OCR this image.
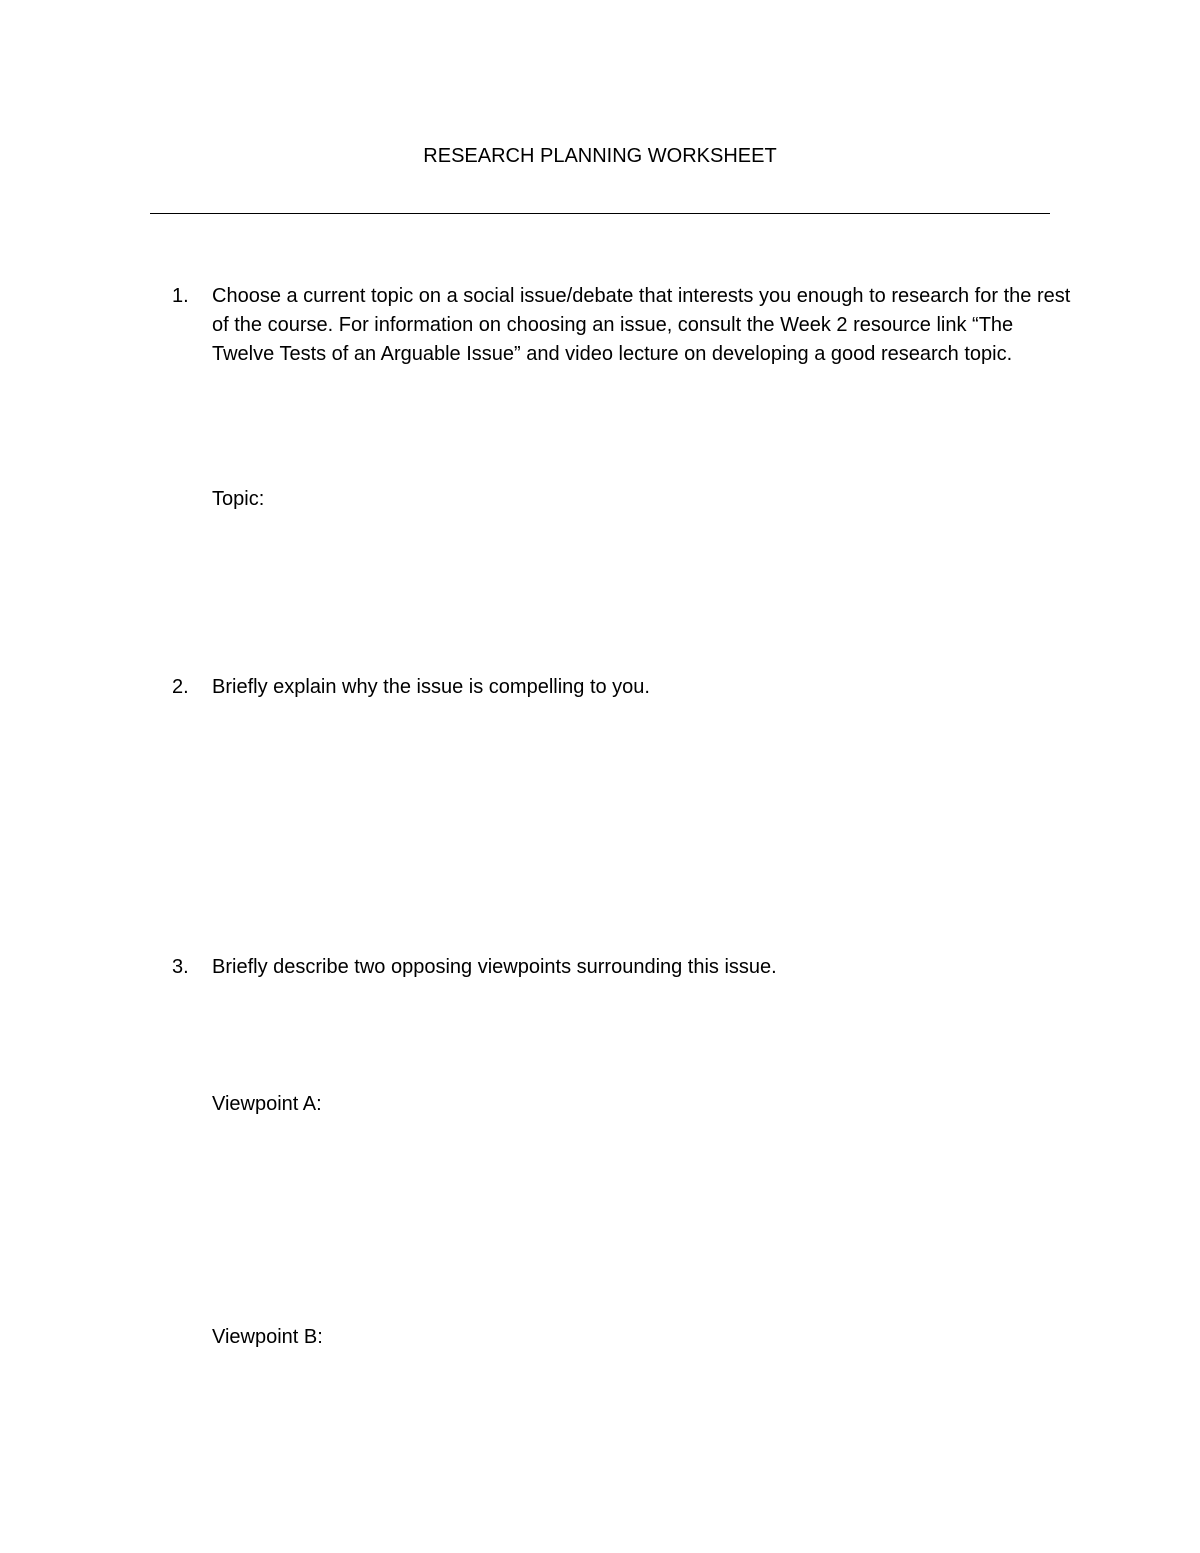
RESEARCH PLANNING WORKSHEET
1. Choose a current topic on a social issue/debate that interests you enough to research for the rest of the course. For information on choosing an issue, consult the Week 2 resource link “The Twelve Tests of an Arguable Issue” and video lecture on developing a good research topic.
Topic:
2. Briefly explain why the issue is compelling to you.
3. Briefly describe two opposing viewpoints surrounding this issue.
Viewpoint A:
Viewpoint B:
